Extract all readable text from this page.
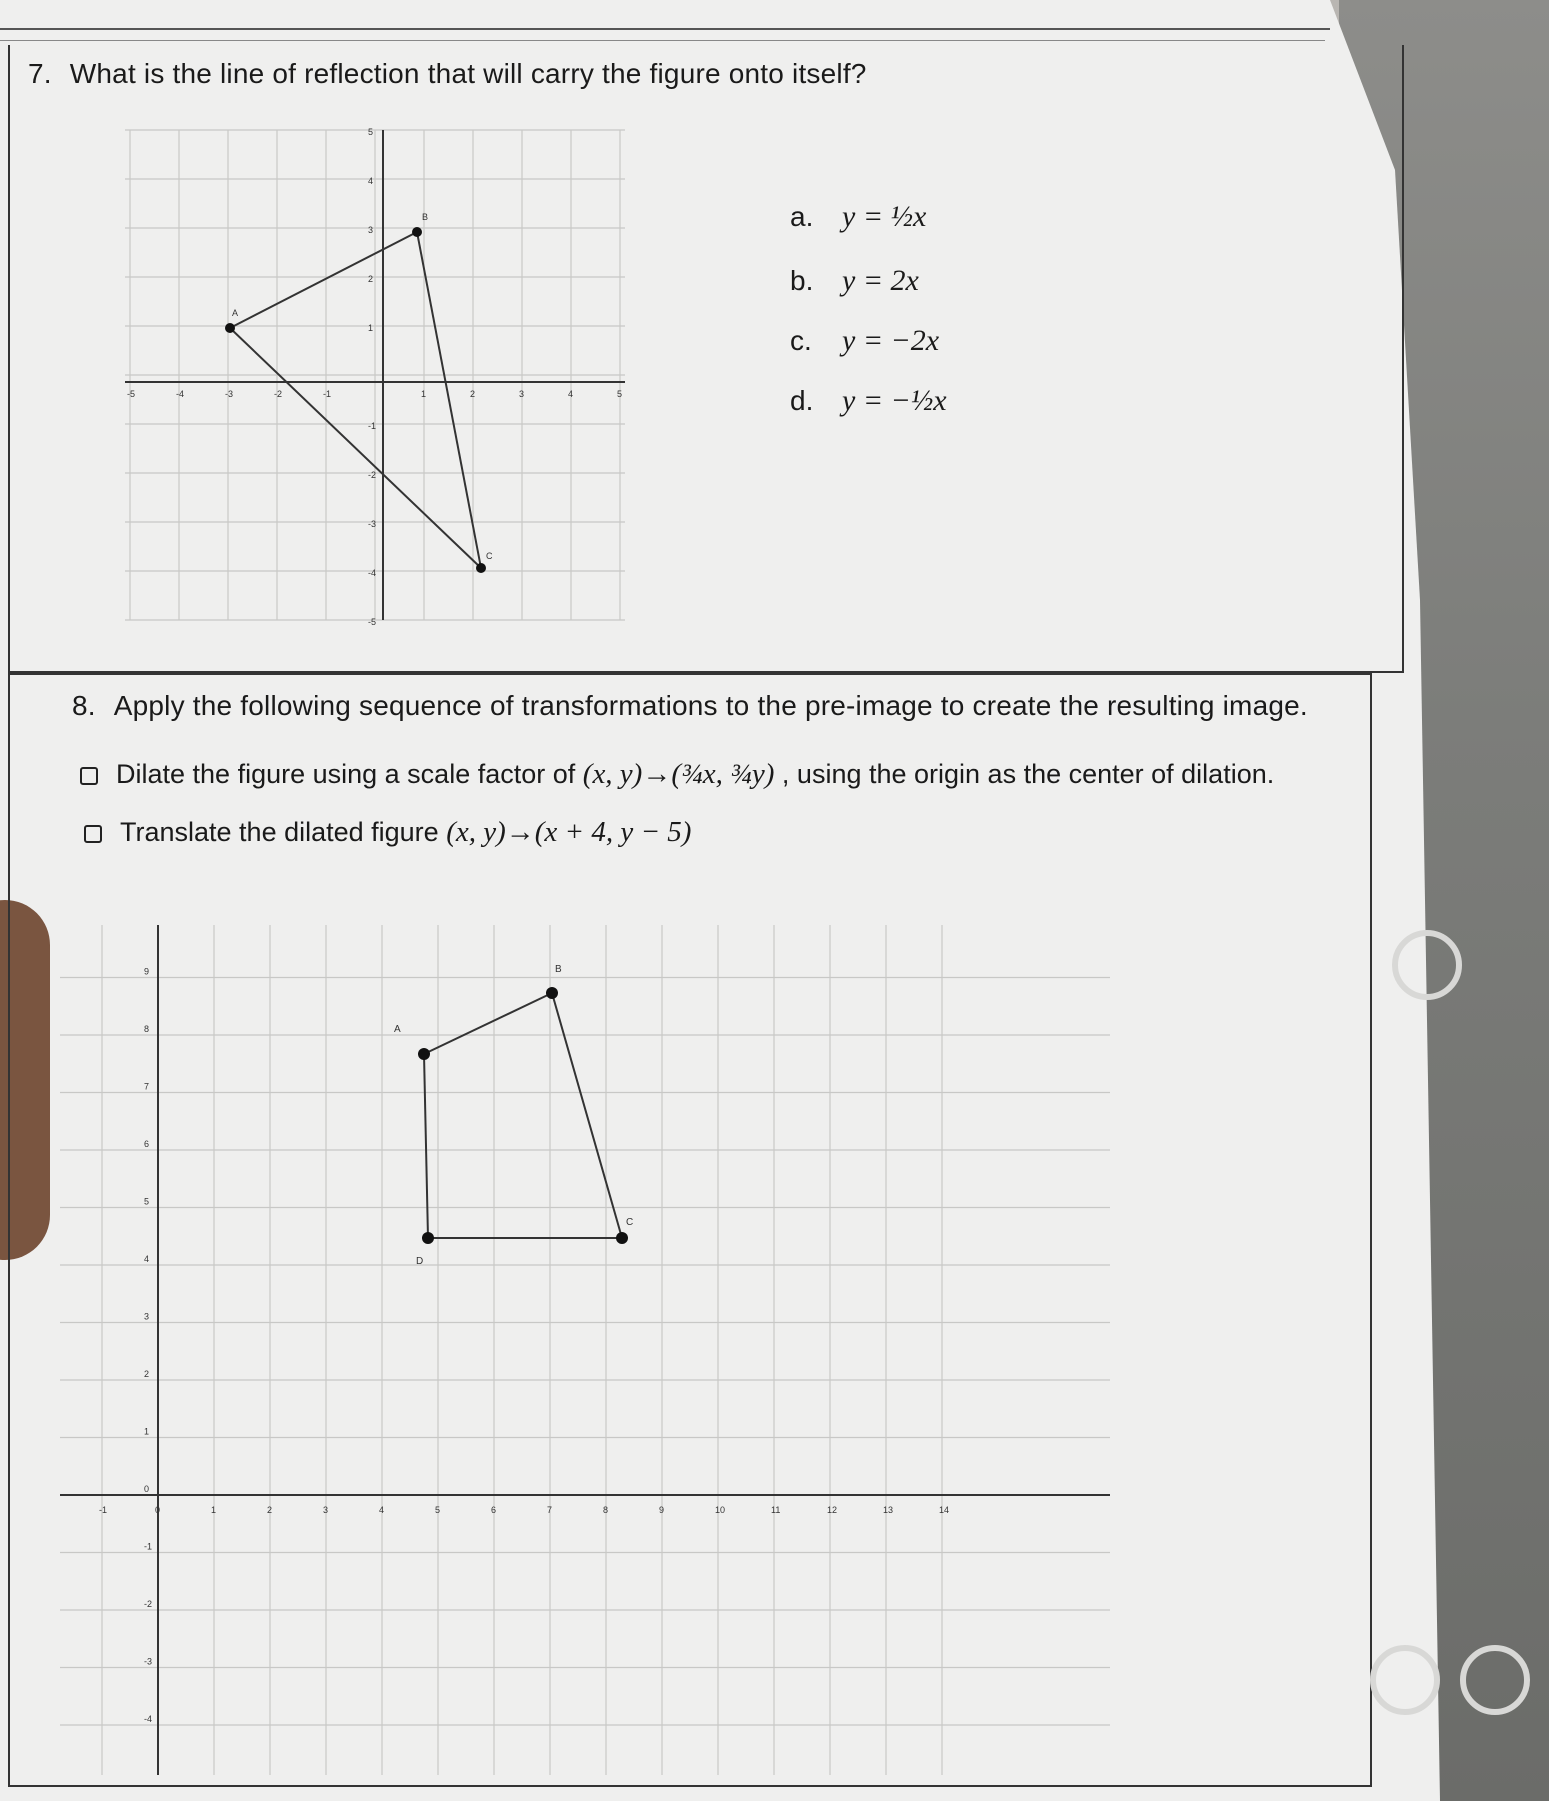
7. What is the line of reflection that will carry the figure onto itself?
a. y = ½x
b. y = 2x
c. y = −2x
d. y = −½x
-5	-4	-3	-2	-1	1	2	3	4	5
5
4
3
2
1
-1
-2
-3
-4
-5
A
B
C
8. Apply the following sequence of transformations to the pre-image to create the resulting image.
Dilate the figure using a scale factor of (x, y)→(¾x, ¾y) , using the origin as the center of dilation.
Translate the dilated figure (x, y)→(x + 4, y − 5)
-1	0	1	2	3	4	5	6	7	8	9	10	11	12	13	14
9
8
7
6
5
4
3
2
1
0
-1
-2
-3
-4
A
B
C
D
